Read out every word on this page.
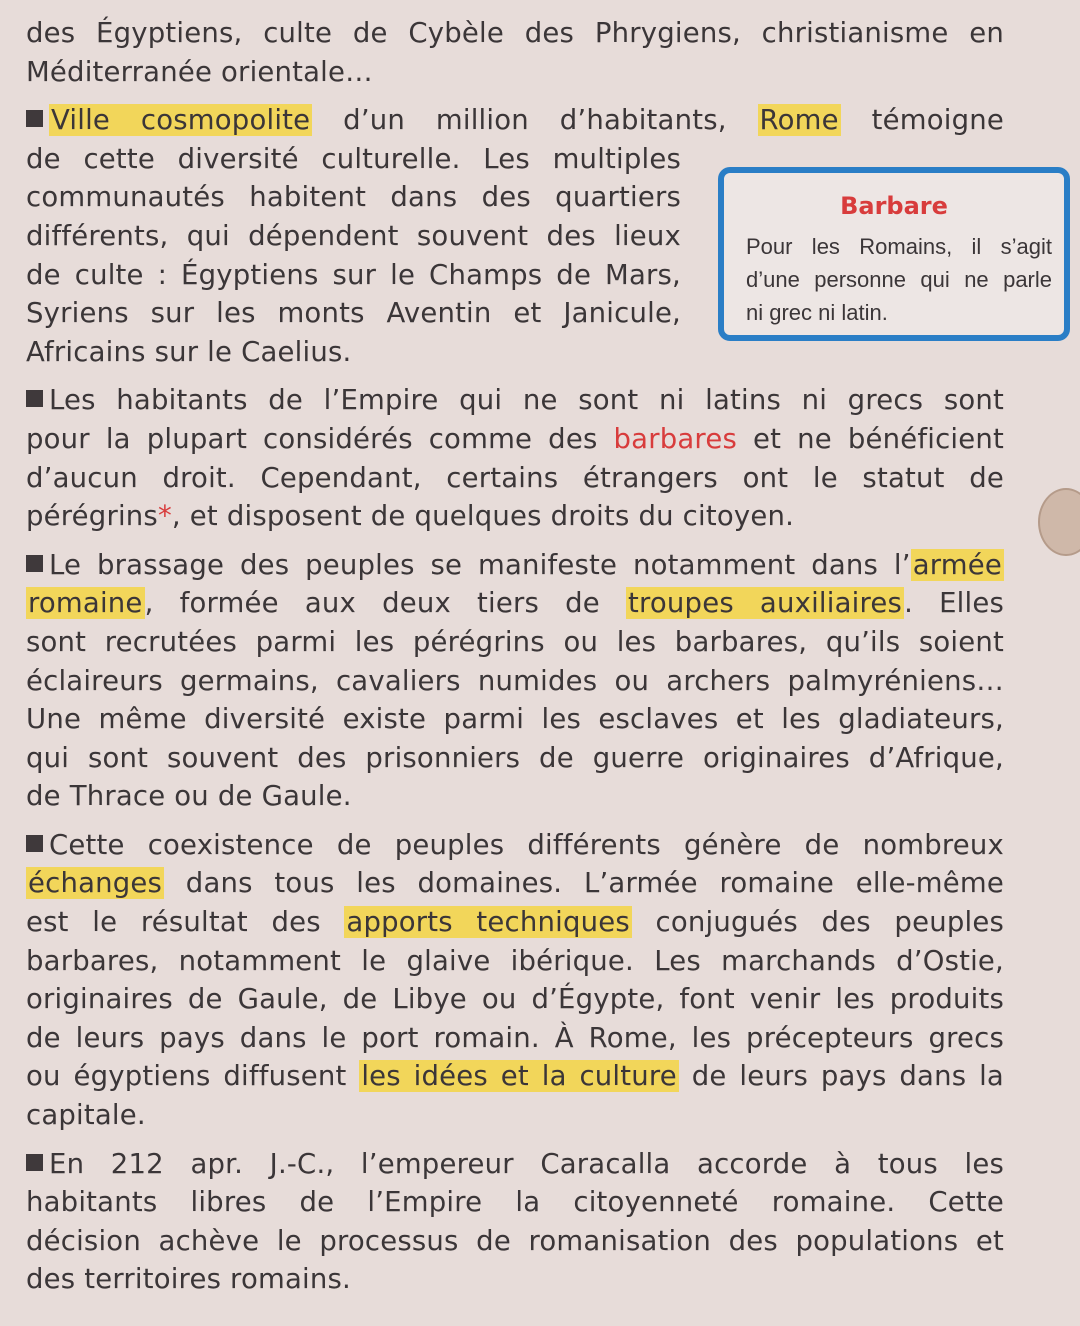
des Égyptiens, culte de Cybèle des Phrygiens, christianisme en
Méditerranée orientale…
Ville cosmopolite d’un million d’habitants, Rome témoigne
de cette diversité culturelle. Les multiples
communautés habitent dans des quartiers
différents, qui dépendent souvent des lieux
de culte : Égyptiens sur le Champs de Mars,
Syriens sur les monts Aventin et Janicule,
Africains sur le Caelius.
Les habitants de l’Empire qui ne sont ni latins ni grecs sont
pour la plupart considérés comme des barbares et ne bénéficient
d’aucun droit. Cependant, certains étrangers ont le statut de
pérégrins*, et disposent de quelques droits du citoyen.
Le brassage des peuples se manifeste notamment dans l’armée
romaine, formée aux deux tiers de troupes auxiliaires. Elles
sont recrutées parmi les pérégrins ou les barbares, qu’ils soient
éclaireurs germains, cavaliers numides ou archers palmyréniens…
Une même diversité existe parmi les esclaves et les gladiateurs,
qui sont souvent des prisonniers de guerre originaires d’Afrique,
de Thrace ou de Gaule.
Cette coexistence de peuples différents génère de nombreux
échanges dans tous les domaines. L’armée romaine elle-même
est le résultat des apports techniques conjugués des peuples
barbares, notamment le glaive ibérique. Les marchands d’Ostie,
originaires de Gaule, de Libye ou d’Égypte, font venir les produits
de leurs pays dans le port romain. À Rome, les précepteurs grecs
ou égyptiens diffusent les idées et la culture de leurs pays dans la
capitale.
En 212 apr. J.-C., l’empereur Caracalla accorde à tous les
habitants libres de l’Empire la citoyenneté romaine. Cette
décision achève le processus de romanisation des populations et
des territoires romains.
Barbare
Pour les Romains, il s’agit
d’une personne qui ne parle
ni grec ni latin.
